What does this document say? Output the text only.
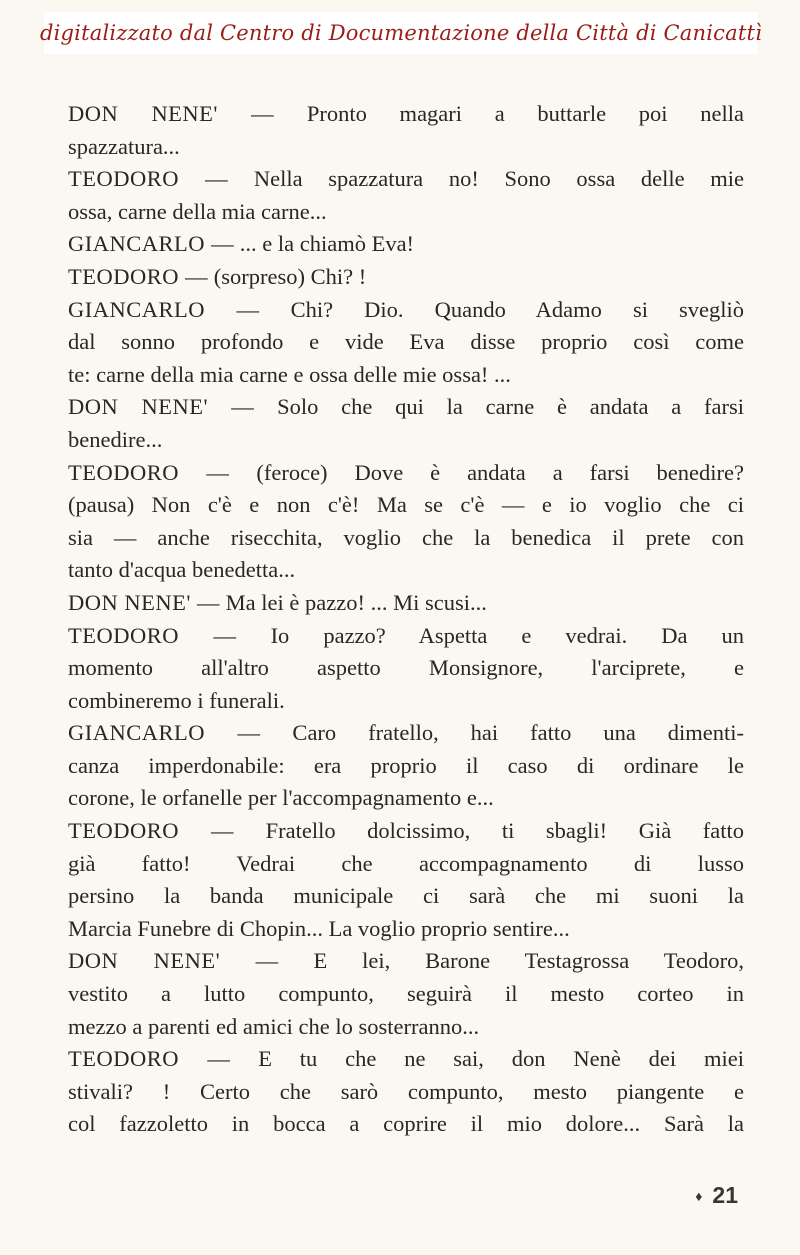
digitalizzato dal Centro di Documentazione della Città di Canicattì
DON NENE' — Pronto magari a buttarle poi nella
spazzatura...
TEODORO — Nella spazzatura no! Sono ossa delle mie
ossa, carne della mia carne...
GIANCARLO — ... e la chiamò Eva!
TEODORO — (sorpreso) Chi? !
GIANCARLO — Chi? Dio. Quando Adamo si svegliò
dal sonno profondo e vide Eva disse proprio così come
te: carne della mia carne e ossa delle mie ossa! ...
DON NENE' — Solo che qui la carne è andata a farsi
benedire...
TEODORO — (feroce) Dove è andata a farsi benedire?
(pausa) Non c'è e non c'è! Ma se c'è — e io voglio che ci
sia — anche risecchita, voglio che la benedica il prete con
tanto d'acqua benedetta...
DON NENE' — Ma lei è pazzo! ... Mi scusi...
TEODORO — Io pazzo? Aspetta e vedrai. Da un
momento all'altro aspetto Monsignore, l'arciprete, e
combineremo i funerali.
GIANCARLO — Caro fratello, hai fatto una dimenti-
canza imperdonabile: era proprio il caso di ordinare le
corone, le orfanelle per l'accompagnamento e...
TEODORO — Fratello dolcissimo, ti sbagli! Già fatto
già fatto! Vedrai che accompagnamento di lusso
persino la banda municipale ci sarà che mi suoni la
Marcia Funebre di Chopin... La voglio proprio sentire...
DON NENE' — E lei, Barone Testagrossa Teodoro,
vestito a lutto compunto, seguirà il mesto corteo in
mezzo a parenti ed amici che lo sosterranno...
TEODORO — E tu che ne sai, don Nenè dei miei
stivali? ! Certo che sarò compunto, mesto piangente e
col fazzoletto in bocca a coprire il mio dolore... Sarà la
♦ 21
